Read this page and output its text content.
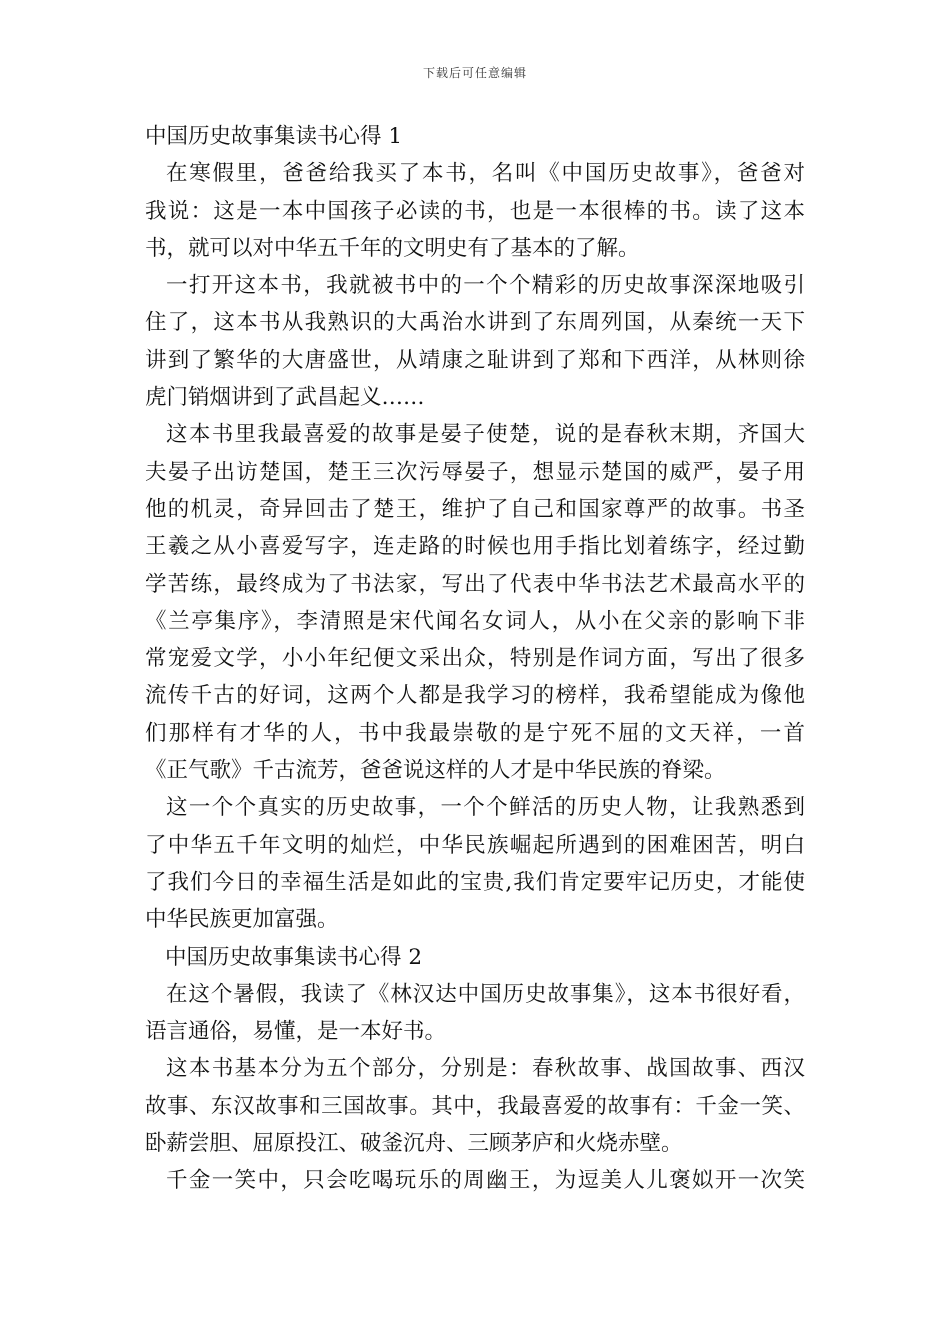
下载后可任意编辑
中国历史故事集读书心得 1
在寒假里，爸爸给我买了本书，名叫《中国历史故事》，爸爸对
我说：这是一本中国孩子必读的书，也是一本很棒的书。读了这本
书，就可以对中华五千年的文明史有了基本的了解。
一打开这本书，我就被书中的一个个精彩的历史故事深深地吸引
住了，这本书从我熟识的大禹治水讲到了东周列国，从秦统一天下
讲到了繁华的大唐盛世，从靖康之耻讲到了郑和下西洋，从林则徐
虎门销烟讲到了武昌起义……
这本书里我最喜爱的故事是晏子使楚，说的是春秋末期，齐国大
夫晏子出访楚国，楚王三次污辱晏子，想显示楚国的威严，晏子用
他的机灵，奇异回击了楚王，维护了自己和国家尊严的故事。书圣
王羲之从小喜爱写字，连走路的时候也用手指比划着练字，经过勤
学苦练，最终成为了书法家，写出了代表中华书法艺术最高水平的
《兰亭集序》，李清照是宋代闻名女词人，从小在父亲的影响下非
常宠爱文学，小小年纪便文采出众，特别是作词方面，写出了很多
流传千古的好词，这两个人都是我学习的榜样，我希望能成为像他
们那样有才华的人，书中我最崇敬的是宁死不屈的文天祥，一首
《正气歌》千古流芳，爸爸说这样的人才是中华民族的脊梁。
这一个个真实的历史故事，一个个鲜活的历史人物，让我熟悉到
了中华五千年文明的灿烂，中华民族崛起所遇到的困难困苦，明白
了我们今日的幸福生活是如此的宝贵,我们肯定要牢记历史，才能使
中华民族更加富强。
中国历史故事集读书心得 2
在这个暑假，我读了《林汉达中国历史故事集》，这本书很好看，
语言通俗，易懂，是一本好书。
这本书基本分为五个部分，分别是：春秋故事、战国故事、西汉
故事、东汉故事和三国故事。其中，我最喜爱的故事有：千金一笑、
卧薪尝胆、屈原投江、破釜沉舟、三顾茅庐和火烧赤壁。
千金一笑中，只会吃喝玩乐的周幽王，为逗美人儿褒姒开一次笑
